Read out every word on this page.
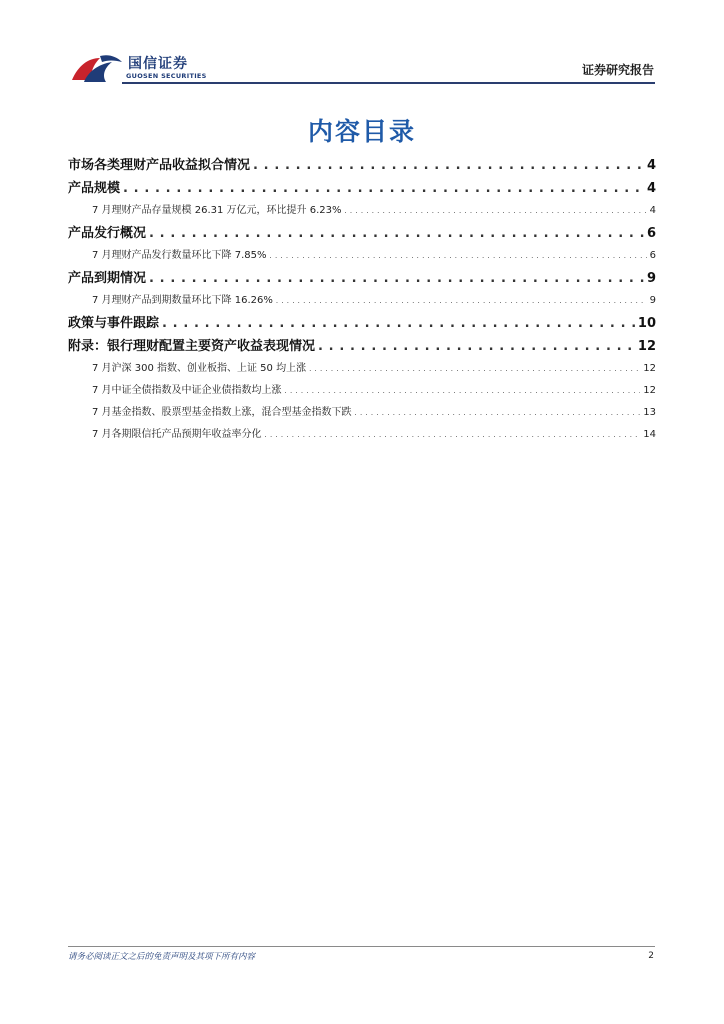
国信证券
GUOSEN SECURITIES	证券研究报告
内容目录
市场各类理财产品收益拟合情况 . . .	4
产品规模 . . .	4
7 月理财产品存量规模 26.31 万亿元，环比提升 6.23% . . .	4
产品发行概况 . . .	6
7 月理财产品发行数量环比下降 7.85% . . .	6
产品到期情况 . . .	9
7 月理财产品到期数量环比下降 16.26% . . .	9
政策与事件跟踪 . . .	10
附录：银行理财配置主要资产收益表现情况 . . .	12
7 月沪深 300 指数、创业板指、上证 50 均上涨 . . .	12
7 月中证全债指数及中证企业债指数均上涨 . . .	12
7 月基金指数、股票型基金指数上涨，混合型基金指数下跌 . . .	13
7 月各期限信托产品预期年收益率分化 . . .	14
请务必阅读正文之后的免责声明及其项下所有内容	2
